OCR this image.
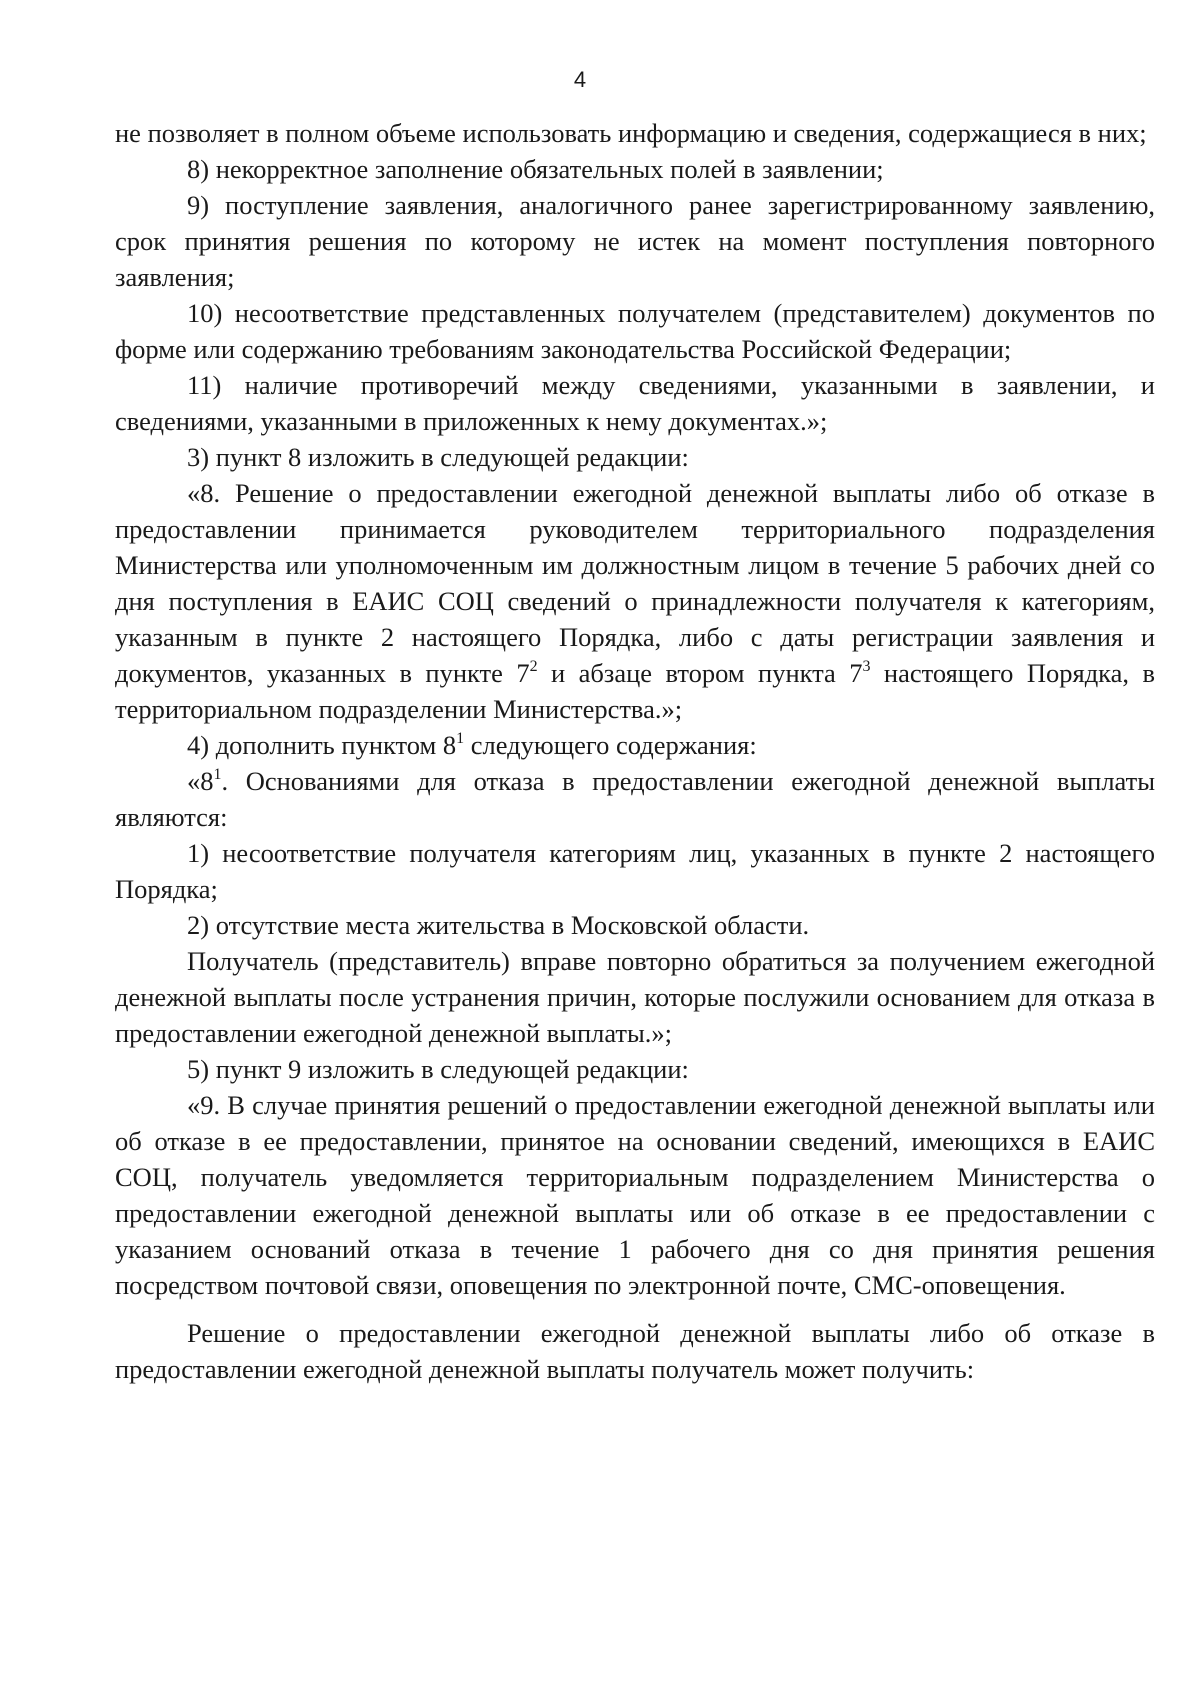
4

не позволяет в полном объеме использовать информацию и сведения, содержащиеся в них;

8) некорректное заполнение обязательных полей в заявлении;

9) поступление заявления, аналогичного ранее зарегистрированному заявлению, срок принятия решения по которому не истек на момент поступления повторного заявления;

10) несоответствие представленных получателем (представителем) документов по форме или содержанию требованиям законодательства Российской Федерации;

11) наличие противоречий между сведениями, указанными в заявлении, и сведениями, указанными в приложенных к нему документах.»;

3) пункт 8 изложить в следующей редакции:

«8. Решение о предоставлении ежегодной денежной выплаты либо об отказе в предоставлении принимается руководителем территориального подразделения Министерства или уполномоченным им должностным лицом в течение 5 рабочих дней со дня поступления в ЕАИС СОЦ сведений о принадлежности получателя к категориям, указанным в пункте 2 настоящего Порядка, либо с даты регистрации заявления и документов, указанных в пункте $7^2$ и абзаце втором пункта $7^3$ настоящего Порядка, в территориальном подразделении Министерства.»;

4) дополнить пунктом $8^1$ следующего содержания:

«$8^1$. Основаниями для отказа в предоставлении ежегодной денежной выплаты являются:

1) несоответствие получателя категориям лиц, указанных в пункте 2 настоящего Порядка;

2) отсутствие места жительства в Московской области.

Получатель (представитель) вправе повторно обратиться за получением ежегодной денежной выплаты после устранения причин, которые послужили основанием для отказа в предоставлении ежегодной денежной выплаты.»;

5) пункт 9 изложить в следующей редакции:

«9. В случае принятия решений о предоставлении ежегодной денежной выплаты или об отказе в ее предоставлении, принятое на основании сведений, имеющихся в ЕАИС СОЦ, получатель уведомляется территориальным подразделением Министерства о предоставлении ежегодной денежной выплаты или об отказе в ее предоставлении с указанием оснований отказа в течение 1 рабочего дня со дня принятия решения посредством почтовой связи, оповещения по электронной почте, СМС-оповещения.

Решение о предоставлении ежегодной денежной выплаты либо об отказе в предоставлении ежегодной денежной выплаты получатель может получить:
